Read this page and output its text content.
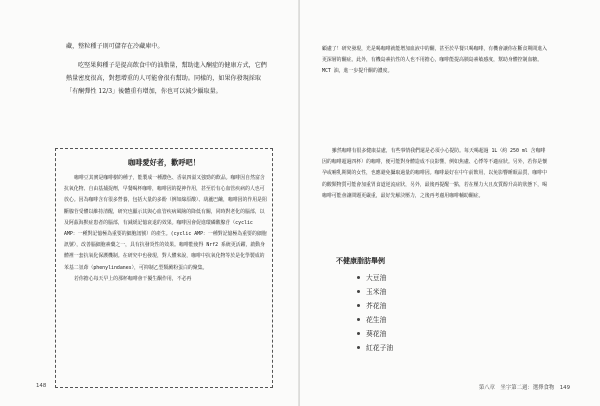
藏，整粒種子則可儲存在冷藏庫中。

吃堅果與種子是提高飲食中的油脂量，幫助進入酮症的健康方式，它們熱量密度很高，對想增重的人可能會很有幫助。同樣的，如果你發現採取「有酮彈性 12/3」後體重有增加，你也可以減少攝取量。

咖啡愛好者，歡呼吧！

咖啡豆其實是咖啡樹的種子，能製成一種濃色、香氣四溢又強勁的飲品。咖啡因自然富含抗氧化物、自由基捕捉劑，早餐喝杯咖啡，咖啡因的提神作用，甚至於有心血管疾病的人也可放心。因為咖啡含有很多營養，包括大量的多酚（例如綠原酸）、葫蘆巴鹼，咖啡因的作用是阻斷腺苷受體以維持清醒，研究也顯示其與心血管疾病風險的降低有關，同時對老化的腦部，以及阿茲海默症患者的腦部，有減緩記憶衰退的效果。咖啡因會促進環磷酸腺苷（cyclic AMP：一種對記憶極為重要的細胞訊號）的產生。(cyclic AMP：一種對記憶極為重要的細胞訊號），改善腦細胞素藥之一，具有抗發炎性的效果。咖啡能使得 Nrf2 系統更活躍，啟動身體裡一套抗氧化保護機制。在研究中也發現，對人體來說，咖啡中抗氧化物等於是化學製成的苯基二氫茚（phenylindanes），可抑制乙型類澱粉蛋白的聚集。

若你擔心每天早上的那杯咖啡會干擾生酮作用，不必再

148

顧慮了！研究發現，光是喝咖啡就能增加血液中的酮，甚至於早餐只喝咖啡，有機會讓你在斷食期間進入更深層的酮症。此外，有機島素抗性的人也不用擔心，咖啡能提高胰島素敏感度，幫助身體控制血糖。MCT 油，進一步提升酮的濃度。

雖然咖啡有很多健康益處，有些事情我們還是必須小心提防。每天喝超過 1L（約 250 ml 含咖啡因的咖啡超過四杯）的咖啡，便可能對身體造成不良影響，例如焦慮、心悸等不適症狀。另外，若你是懷孕或哺乳期間的女性，也應避免攝取過量的咖啡因。咖啡最好在中午前飲用，以免影響睡眠品質，咖啡中的酸類物質可能會加重胃食道逆流症狀，另外，最後再提醒一點，若在壓力大且皮質醇升高的狀態下，喝咖啡可能會讓問題更嚴重，最好先解決壓力，之後再考慮用咖啡輔助酮症。

不健康脂肪舉例

大豆油
玉米油
芥花油
花生油
葵花油
紅花子油
第八章　坐字第二週：選擇食物　149
